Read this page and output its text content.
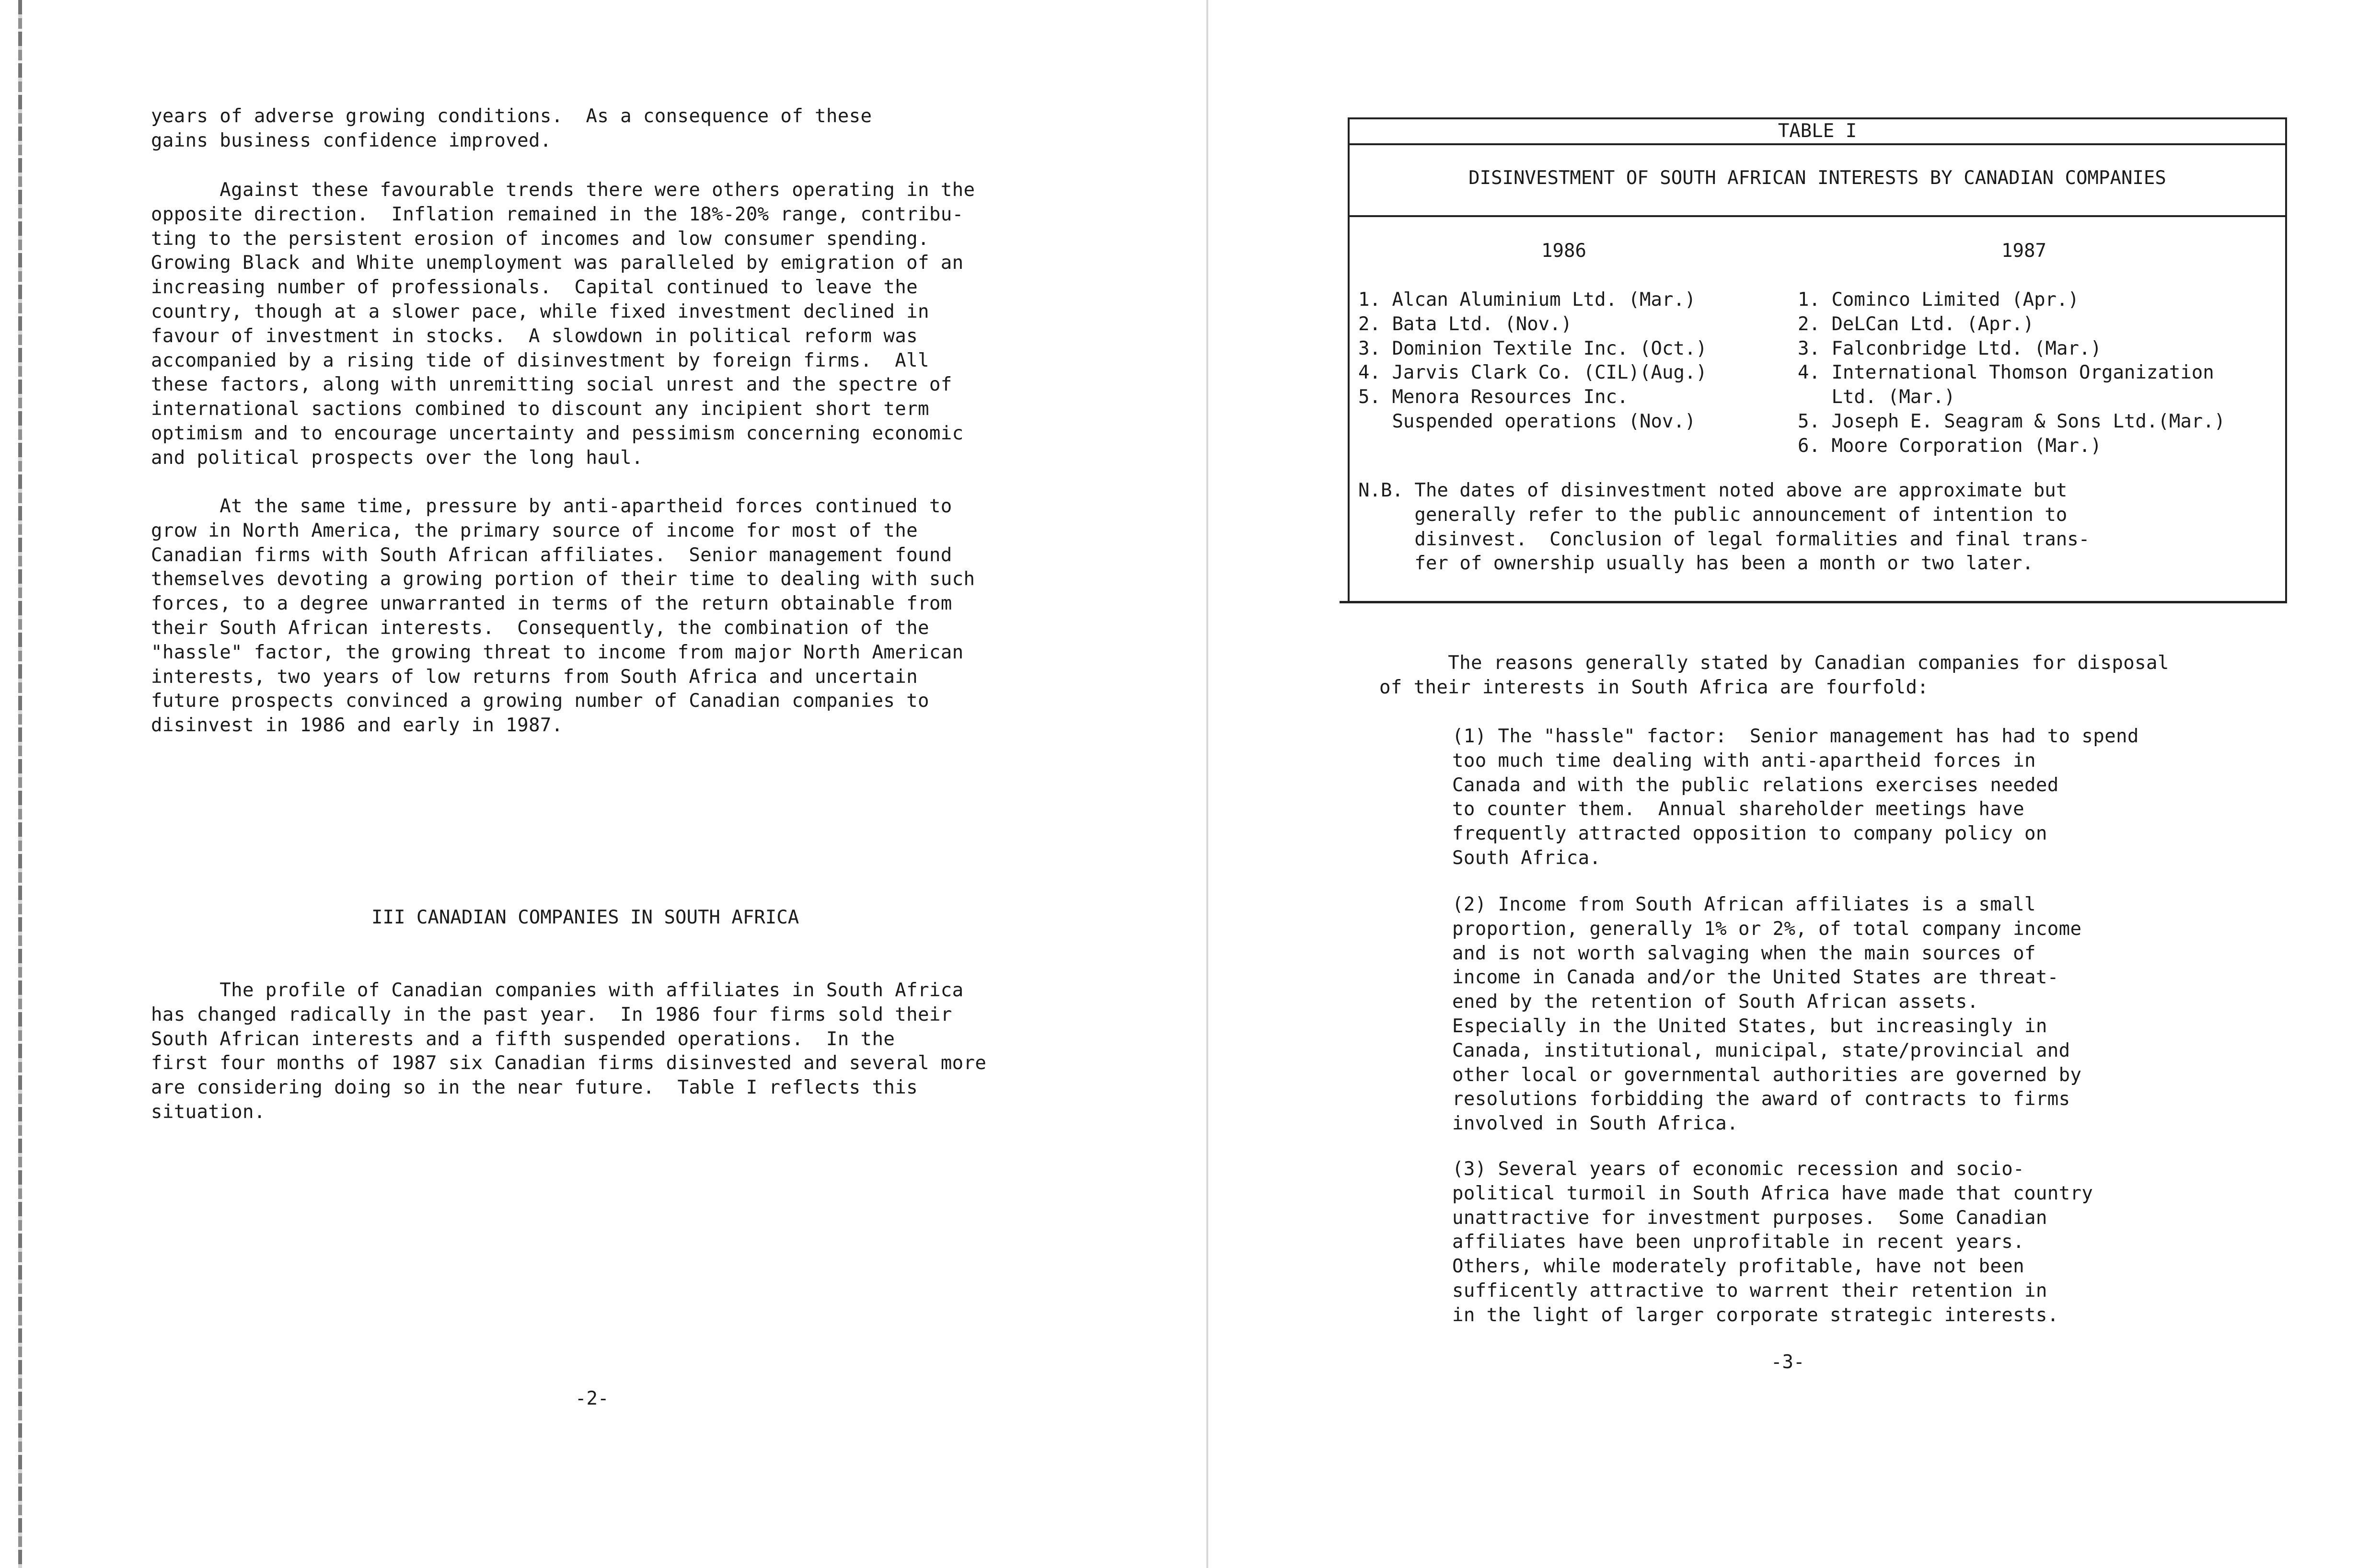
years of adverse growing conditions.  As a consequence of these
gains business confidence improved.

Against these favourable trends there were others operating in the
opposite direction.  Inflation remained in the 18%-20% range, contribu-
ting to the persistent erosion of incomes and low consumer spending.
Growing Black and White unemployment was paralleled by emigration of an
increasing number of professionals.  Capital continued to leave the
country, though at a slower pace, while fixed investment declined in
favour of investment in stocks.  A slowdown in political reform was
accompanied by a rising tide of disinvestment by foreign firms.  All
these factors, along with unremitting social unrest and the spectre of
international sactions combined to discount any incipient short term
optimism and to encourage uncertainty and pessimism concerning economic
and political prospects over the long haul.

At the same time, pressure by anti-apartheid forces continued to
grow in North America, the primary source of income for most of the
Canadian firms with South African affiliates.  Senior management found
themselves devoting a growing portion of their time to dealing with such
forces, to a degree unwarranted in terms of the return obtainable from
their South African interests.  Consequently, the combination of the
"hassle" factor, the growing threat to income from major North American
interests, two years of low returns from South Africa and uncertain
future prospects convinced a growing number of Canadian companies to
disinvest in 1986 and early in 1987.

III CANADIAN COMPANIES IN SOUTH AFRICA

The profile of Canadian companies with affiliates in South Africa
has changed radically in the past year.  In 1986 four firms sold their
South African interests and a fifth suspended operations.  In the
first four months of 1987 six Canadian firms disinvested and several more
are considering doing so in the near future.  Table I reflects this
situation.

-2-

TABLE I

DISINVESTMENT OF SOUTH AFRICAN INTERESTS BY CANADIAN COMPANIES

1986	1987

1. Alcan Aluminium Ltd. (Mar.)
2. Bata Ltd. (Nov.)
3. Dominion Textile Inc. (Oct.)
4. Jarvis Clark Co. (CIL)(Aug.)
5. Menora Resources Inc.
Suspended operations (Nov.)
1. Cominco Limited (Apr.)
2. DeLCan Ltd. (Apr.)
3. Falconbridge Ltd. (Mar.)
4. International Thomson Organization
Ltd. (Mar.)
5. Joseph E. Seagram & Sons Ltd.(Mar.)
6. Moore Corporation (Mar.)

N.B. The dates of disinvestment noted above are approximate but
generally refer to the public announcement of intention to
disinvest.  Conclusion of legal formalities and final trans-
fer of ownership usually has been a month or two later.

The reasons generally stated by Canadian companies for disposal
of their interests in South Africa are fourfold:

(1) The "hassle" factor:  Senior management has had to spend
too much time dealing with anti-apartheid forces in
Canada and with the public relations exercises needed
to counter them.  Annual shareholder meetings have
frequently attracted opposition to company policy on
South Africa.

(2) Income from South African affiliates is a small
proportion, generally 1% or 2%, of total company income
and is not worth salvaging when the main sources of
income in Canada and/or the United States are threat-
ened by the retention of South African assets.
Especially in the United States, but increasingly in
Canada, institutional, municipal, state/provincial and
other local or governmental authorities are governed by
resolutions forbidding the award of contracts to firms
involved in South Africa.

(3) Several years of economic recession and socio-
political turmoil in South Africa have made that country
unattractive for investment purposes.  Some Canadian
affiliates have been unprofitable in recent years.
Others, while moderately profitable, have not been
sufficently attractive to warrent their retention in
in the light of larger corporate strategic interests.

-3-
